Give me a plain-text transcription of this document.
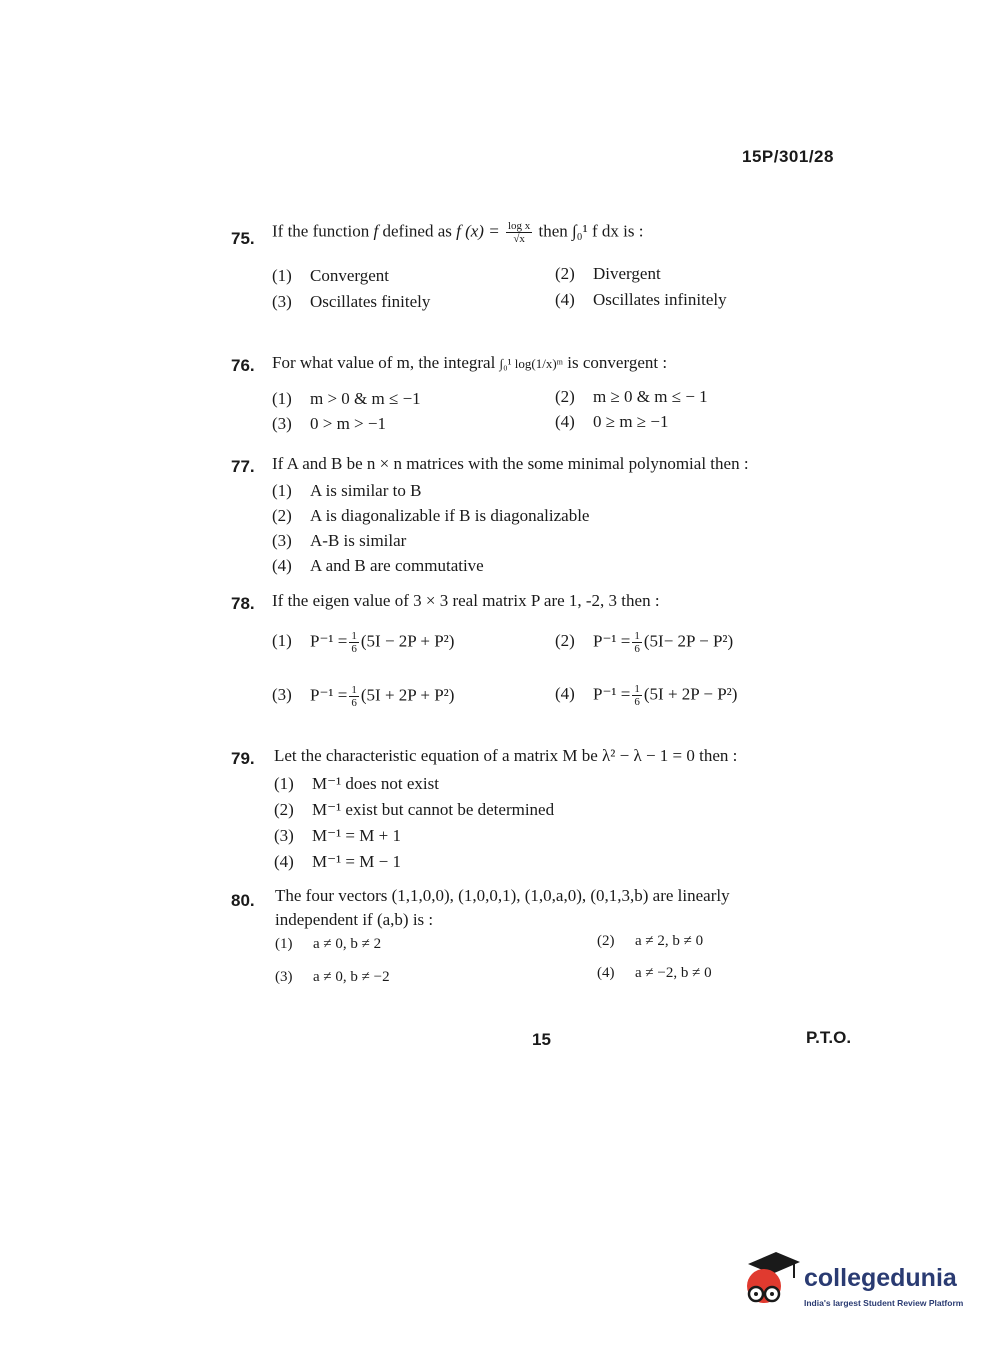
15P/301/28
75. If the function f defined as f $(x) = \frac{\text{log x}}{√x}$ then ∫₀¹ f dx is :
(1) Convergent	(2) Divergent
(3) Oscillates finitely	(4) Oscillates infinitely
76. For what value of m, the integral ∫₀¹ log(1/x)ᵐ is convergent :
(1) m > 0 & m ≤ −1	(2) m ≥ 0 & m ≤ − 1
(3) 0 > m > −1	(4) 0 ≥ m ≥ −1
77. If A and B be n × n matrices with the some minimal polynomial then :
(1) A is similar to B
(2) A is diagonalizable if B is diagonalizable
(3) A-B is similar
(4) A and B are commutative
78. If the eigen value of 3 × 3 real matrix P are 1, -2, 3 then :
(1) $P^{-1} = \frac{1}{6} (5I - 2P + P^2)$	(2) $P^{-1} = \frac{1}{6} (5I- 2P - P^2)$
(3) $P^{-1} = \frac{1}{6} (5I + 2P + P^2)$	(4) $P^{-1} = \frac{1}{6} (5I + 2P - P^2)$
79. Let the characteristic equation of a matrix M be λ² − λ − 1 = 0 then :
(1) M⁻¹ does not exist
(2) M⁻¹ exist but cannot be determined
(3) M⁻¹ = M + 1
(4) M⁻¹ = M − 1
80. The four vectors (1,1,0,0), (1,0,0,1), (1,0,a,0), (0,1,3,b) are linearly
independent if (a,b) is :
(1) a ≠ 0, b ≠ 2	(2) a ≠ 2, b ≠ 0
(3) a ≠ 0, b ≠ −2	(4) a ≠ −2, b ≠ 0
15	P.T.O.
collegedunia
India's largest Student Review Platform
